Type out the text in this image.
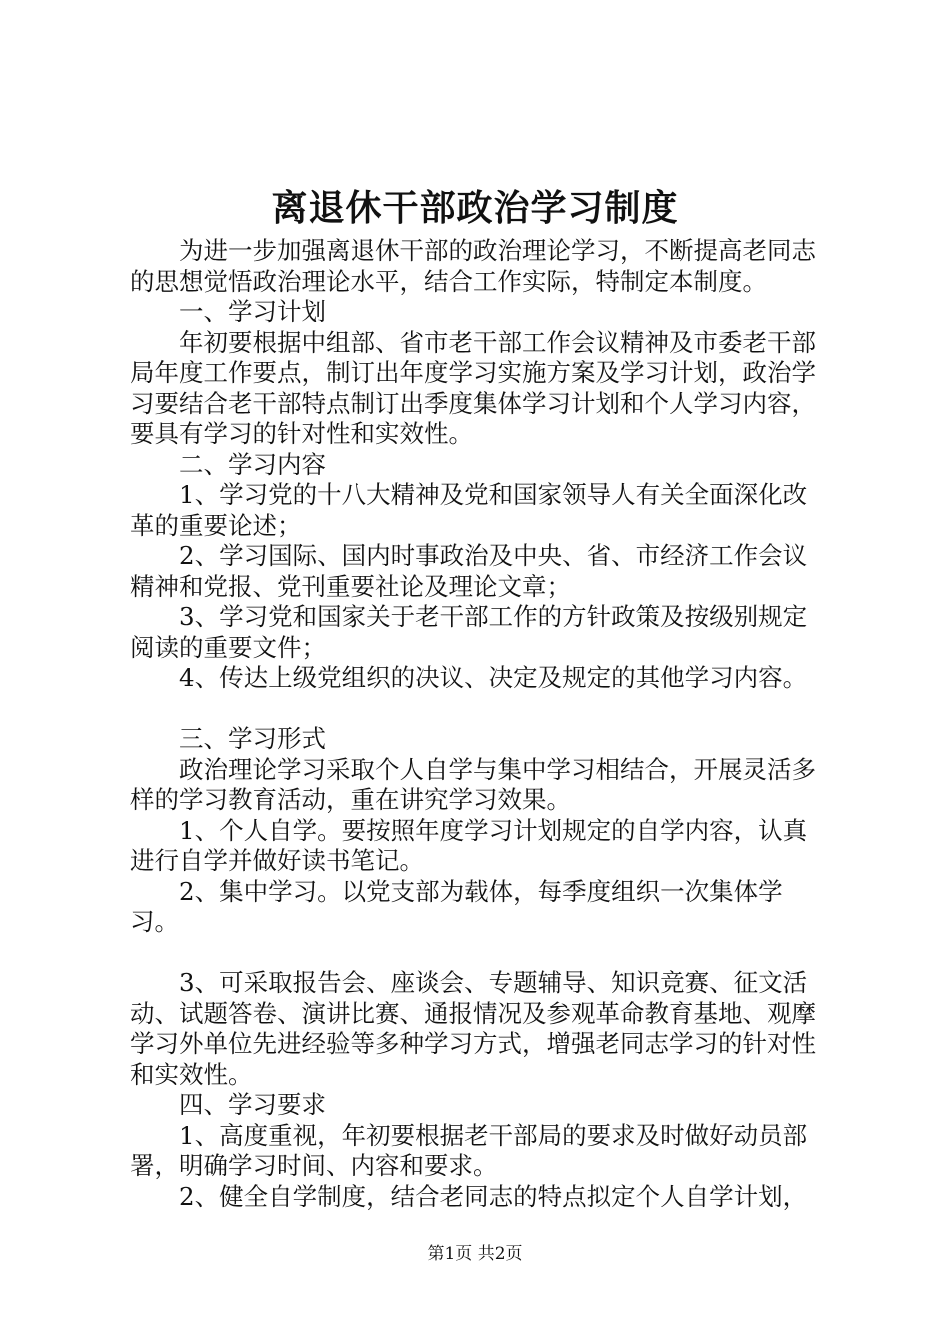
离退休干部政治学习制度

为进一步加强离退休干部的政治理论学习，不断提高老同志的思想觉悟政治理论水平，结合工作实际，特制定本制度。

一、学习计划

年初要根据中组部、省市老干部工作会议精神及市委老干部局年度工作要点，制订出年度学习实施方案及学习计划，政治学习要结合老干部特点制订出季度集体学习计划和个人学习内容，要具有学习的针对性和实效性。

二、学习内容

1、学习党的十八大精神及党和国家领导人有关全面深化改革的重要论述；

2、学习国际、国内时事政治及中央、省、市经济工作会议精神和党报、党刊重要社论及理论文章；

3、学习党和国家关于老干部工作的方针政策及按级别规定阅读的重要文件；

4、传达上级党组织的决议、决定及规定的其他学习内容。

三、学习形式

政治理论学习采取个人自学与集中学习相结合，开展灵活多样的学习教育活动，重在讲究学习效果。

1、个人自学。要按照年度学习计划规定的自学内容，认真进行自学并做好读书笔记。

2、集中学习。以党支部为载体，每季度组织一次集体学习。

3、可采取报告会、座谈会、专题辅导、知识竞赛、征文活动、试题答卷、演讲比赛、通报情况及参观革命教育基地、观摩学习外单位先进经验等多种学习方式，增强老同志学习的针对性和实效性。

四、学习要求

1、高度重视，年初要根据老干部局的要求及时做好动员部署，明确学习时间、内容和要求。

2、健全自学制度，结合老同志的特点拟定个人自学计划，

第1页 共2页
